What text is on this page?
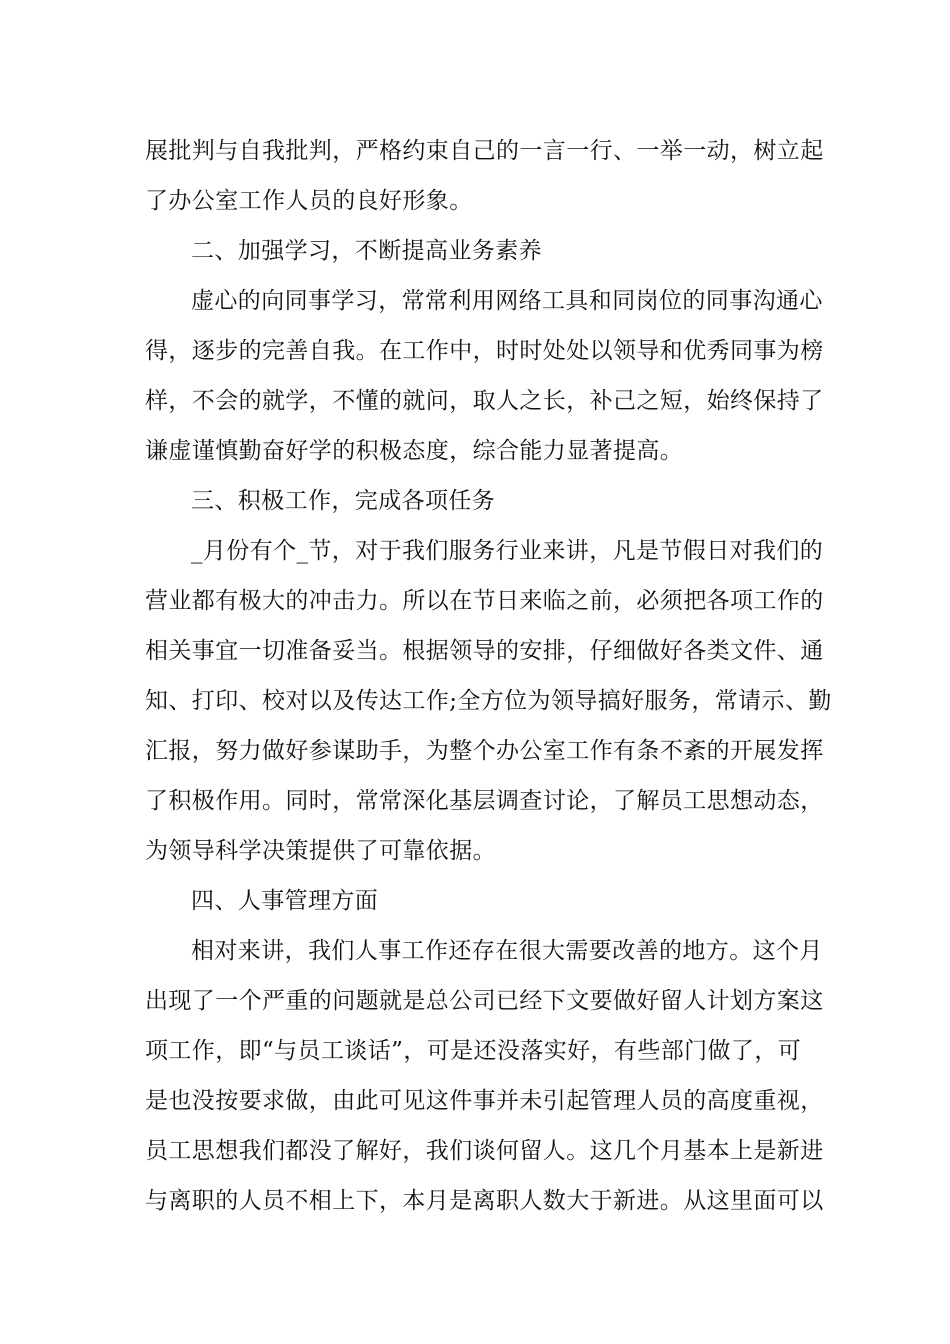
展批判与自我批判，严格约束自己的一言一行、一举一动，树立起
了办公室工作人员的良好形象。
二、加强学习，不断提高业务素养
虚心的向同事学习，常常利用网络工具和同岗位的同事沟通心
得，逐步的完善自我。在工作中，时时处处以领导和优秀同事为榜
样，不会的就学，不懂的就问，取人之长，补己之短，始终保持了
谦虚谨慎勤奋好学的积极态度，综合能力显著提高。
三、积极工作，完成各项任务
_月份有个_节，对于我们服务行业来讲，凡是节假日对我们的
营业都有极大的冲击力。所以在节日来临之前，必须把各项工作的
相关事宜一切准备妥当。根据领导的安排，仔细做好各类文件、通
知、打印、校对以及传达工作;全方位为领导搞好服务，常请示、勤
汇报，努力做好参谋助手，为整个办公室工作有条不紊的开展发挥
了积极作用。同时，常常深化基层调查讨论，了解员工思想动态，
为领导科学决策提供了可靠依据。
四、人事管理方面
相对来讲，我们人事工作还存在很大需要改善的地方。这个月
出现了一个严重的问题就是总公司已经下文要做好留人计划方案这
项工作，即“与员工谈话”，可是还没落实好，有些部门做了，可
是也没按要求做，由此可见这件事并未引起管理人员的高度重视，
员工思想我们都没了解好，我们谈何留人。这几个月基本上是新进
与离职的人员不相上下，本月是离职人数大于新进。从这里面可以
